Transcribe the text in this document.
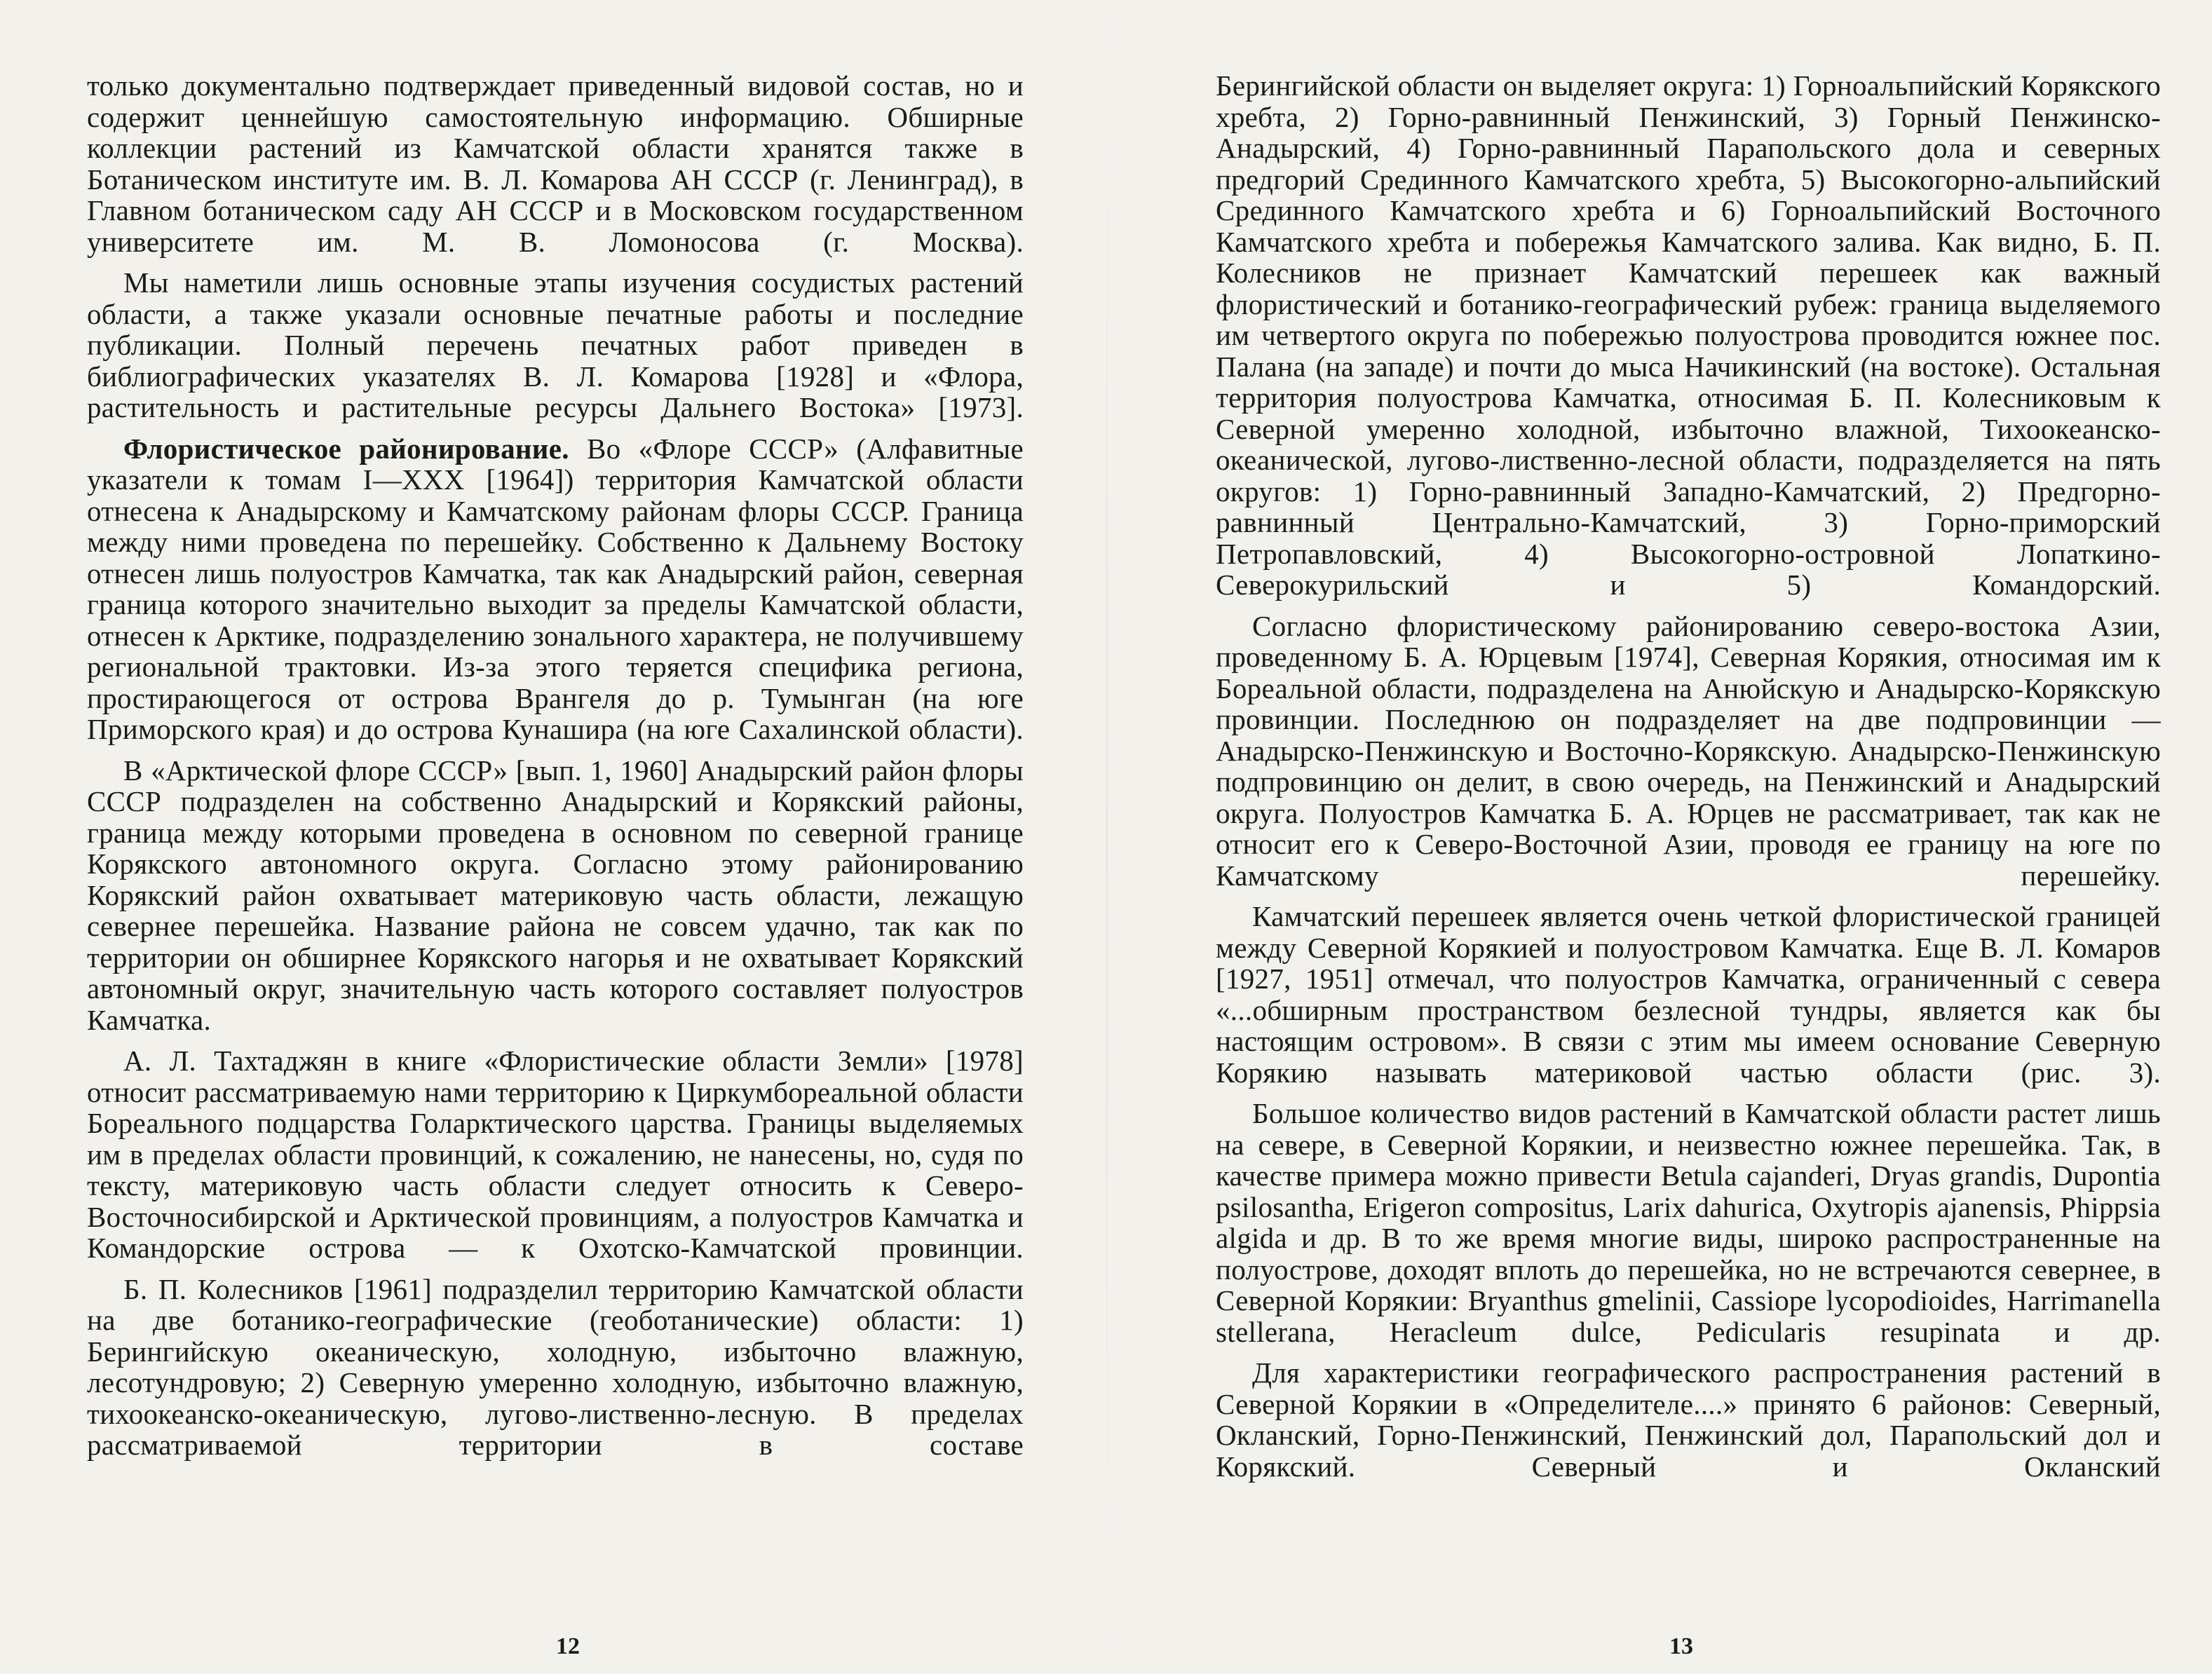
только документально подтверждает приведенный видовой состав, но и содержит ценнейшую самостоятельную информацию. Обширные коллекции растений из Камчатской области хранятся также в Ботаническом институте им. В. Л. Комарова АН СССР (г. Ленинград), в Главном ботаническом саду АН СССР и в Московском государственном университете им. М. В. Ломоносова (г. Москва).

Мы наметили лишь основные этапы изучения сосудистых растений области, а также указали основные печатные работы и последние публикации. Полный перечень печатных работ приведен в библиографических указателях В. Л. Комарова [1928] и «Флора, растительность и растительные ресурсы Дальнего Востока» [1973].

Флористическое районирование. Во «Флоре СССР» (Алфавитные указатели к томам I—XXX [1964]) территория Камчатской области отнесена к Анадырскому и Камчатскому районам флоры СССР. Граница между ними проведена по перешейку. Собственно к Дальнему Востоку отнесен лишь полуостров Камчатка, так как Анадырский район, северная граница которого значительно выходит за пределы Камчатской области, отнесен к Арктике, подразделению зонального характера, не получившему региональной трактовки. Из-за этого теряется специфика региона, простирающегося от острова Врангеля до р. Тумынган (на юге Приморского края) и до острова Кунашира (на юге Сахалинской области).

В «Арктической флоре СССР» [вып. 1, 1960] Анадырский район флоры СССР подразделен на собственно Анадырский и Корякский районы, граница между которыми проведена в основном по северной границе Корякского автономного округа. Согласно этому районированию Корякский район охватывает материковую часть области, лежащую севернее перешейка. Название района не совсем удачно, так как по территории он обширнее Корякского нагорья и не охватывает Корякский автономный округ, значительную часть которого составляет полуостров Камчатка.

А. Л. Тахтаджян в книге «Флористические области Земли» [1978] относит рассматриваемую нами территорию к Циркумбореальной области Бореального подцарства Голарктического царства. Границы выделяемых им в пределах области провинций, к сожалению, не нанесены, но, судя по тексту, материковую часть области следует относить к Северо-Восточносибирской и Арктической провинциям, а полуостров Камчатка и Командорские острова — к Охотско-Камчатской провинции.

Б. П. Колесников [1961] подразделил территорию Камчатской области на две ботанико-географические (геоботанические) области: 1) Берингийскую океаническую, холодную, избыточно влажную, лесотундровую; 2) Северную умеренно холодную, избыточно влажную, тихоокеанско-океаническую, лугово-лиственно-лесную. В пределах рассматриваемой территории в составе

12

Берингийской области он выделяет округа: 1) Горноальпийский Корякского хребта, 2) Горно-равнинный Пенжинский, 3) Горный Пенжинско-Анадырский, 4) Горно-равнинный Парапольского дола и северных предгорий Срединного Камчатского хребта, 5) Высокогорно-альпийский Срединного Камчатского хребта и 6) Горноальпийский Восточного Камчатского хребта и побережья Камчатского залива. Как видно, Б. П. Колесников не признает Камчатский перешеек как важный флористический и ботанико-географический рубеж: граница выделяемого им четвертого округа по побережью полуострова проводится южнее пос. Палана (на западе) и почти до мыса Начикинский (на востоке). Остальная территория полуострова Камчатка, относимая Б. П. Колесниковым к Северной умеренно холодной, избыточно влажной, Тихоокеанско-океанической, лугово-лиственно-лесной области, подразделяется на пять округов: 1) Горно-равнинный Западно-Камчатский, 2) Предгорно-равнинный Центрально-Камчатский, 3) Горно-приморский Петропавловский, 4) Высокогорно-островной Лопаткино-Северокурильский и 5) Командорский.

Согласно флористическому районированию северо-востока Азии, проведенному Б. А. Юрцевым [1974], Северная Корякия, относимая им к Бореальной области, подразделена на Анюйскую и Анадырско-Корякскую провинции. Последнюю он подразделяет на две подпровинции — Анадырско-Пенжинскую и Восточно-Корякскую. Анадырско-Пенжинскую подпровинцию он делит, в свою очередь, на Пенжинский и Анадырский округа. Полуостров Камчатка Б. А. Юрцев не рассматривает, так как не относит его к Северо-Восточной Азии, проводя ее границу на юге по Камчатскому перешейку.

Камчатский перешеек является очень четкой флористической границей между Северной Корякией и полуостровом Камчатка. Еще В. Л. Комаров [1927, 1951] отмечал, что полуостров Камчатка, ограниченный с севера «...обширным пространством безлесной тундры, является как бы настоящим островом». В связи с этим мы имеем основание Северную Корякию называть материковой частью области (рис. 3).

Большое количество видов растений в Камчатской области растет лишь на севере, в Северной Корякии, и неизвестно южнее перешейка. Так, в качестве примера можно привести Betula cajanderi, Dryas grandis, Dupontia psilosantha, Erigeron compositus, Larix dahurica, Oxytropis ajanensis, Phippsia algida и др. В то же время многие виды, широко распространенные на полуострове, доходят вплоть до перешейка, но не встречаются севернее, в Северной Корякии: Bryanthus gmelinii, Cassiope lycopodioides, Harrimanella stellerana, Heracleum dulce, Pedicularis resupinata и др.

Для характеристики географического распространения растений в Северной Корякии в «Определителе....» принято 6 районов: Северный, Окланский, Горно-Пенжинский, Пенжинский дол, Парапольский дол и Корякский. Северный и Окланский

13
